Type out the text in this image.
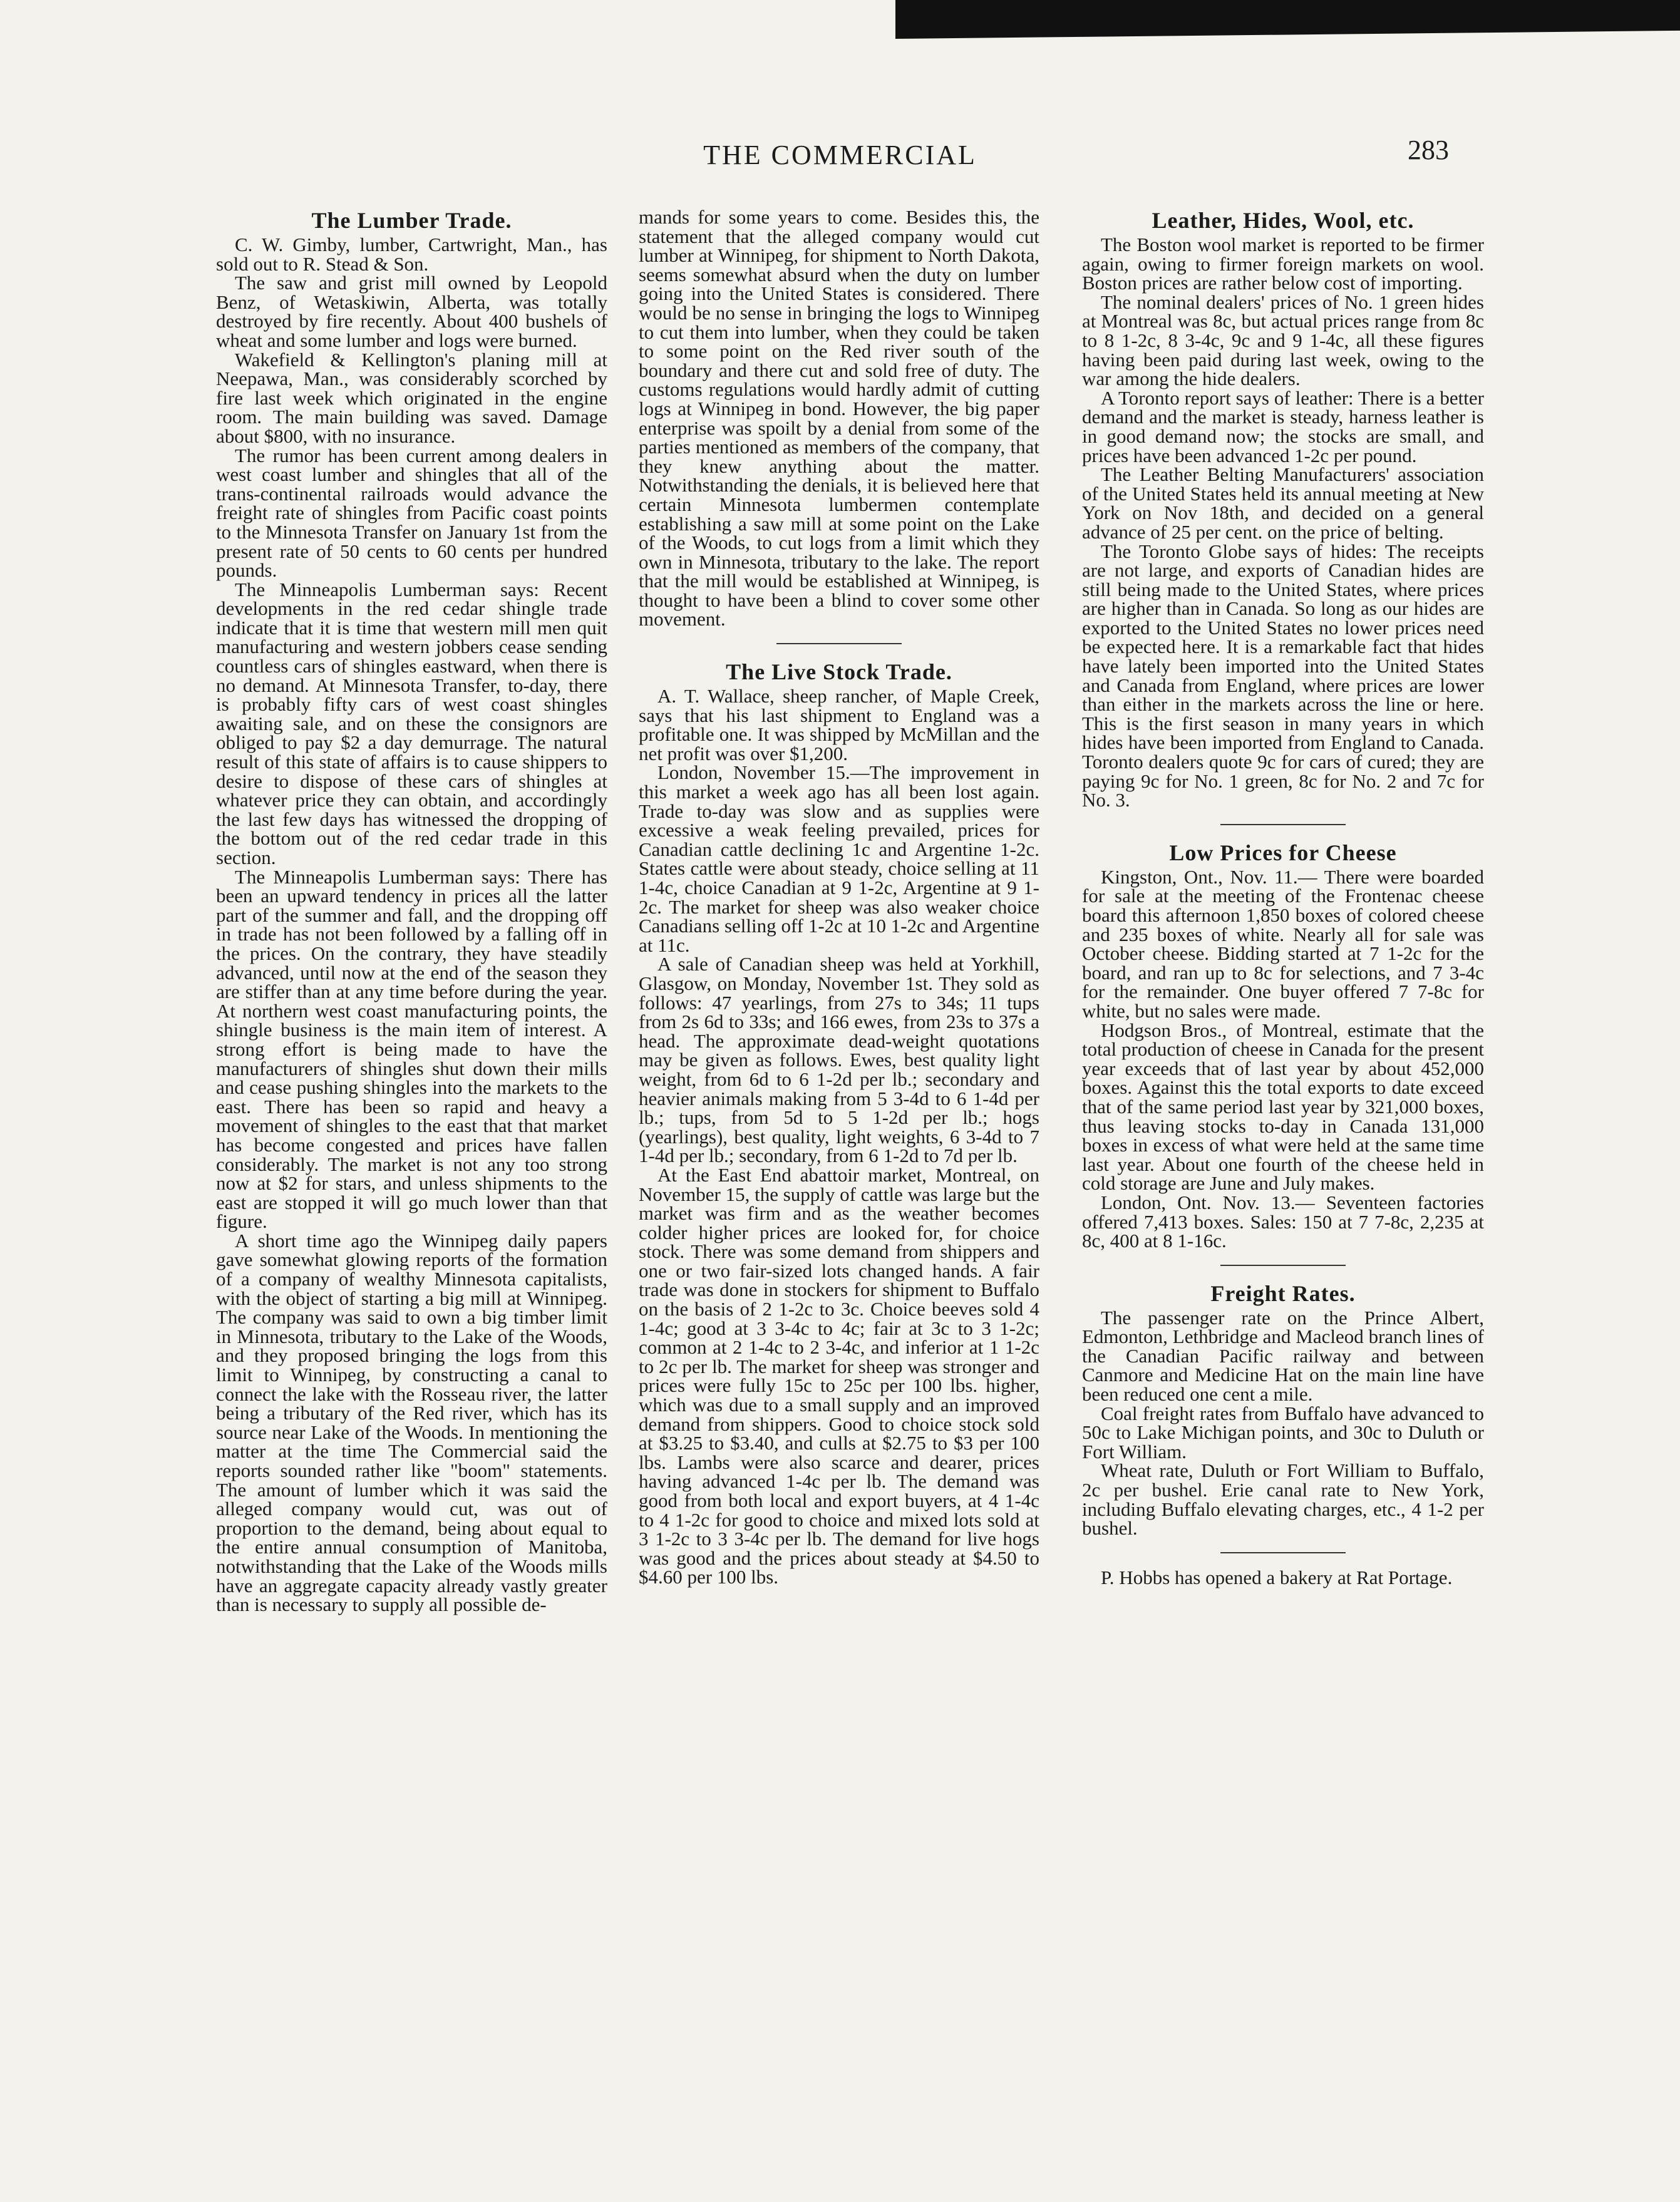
THE COMMERCIAL	283
The Lumber Trade.

C. W. Gimby, lumber, Cartwright, Man., has sold out to R. Stead & Son.

The saw and grist mill owned by Leopold Benz, of Wetaskiwin, Alberta, was totally destroyed by fire recently. About 400 bushels of wheat and some lumber and logs were burned.

Wakefield & Kellington's planing mill at Neepawa, Man., was considerably scorched by fire last week which originated in the engine room. The main building was saved. Damage about $800, with no insurance.

The rumor has been current among dealers in west coast lumber and shingles that all of the trans-continental railroads would advance the freight rate of shingles from Pacific coast points to the Minnesota Transfer on January 1st from the present rate of 50 cents to 60 cents per hundred pounds.

The Minneapolis Lumberman says: Recent developments in the red cedar shingle trade indicate that it is time that western mill men quit manufacturing and western jobbers cease sending countless cars of shingles eastward, when there is no demand. At Minnesota Transfer, to-day, there is probably fifty cars of west coast shingles awaiting sale, and on these the consignors are obliged to pay $2 a day demurrage. The natural result of this state of affairs is to cause shippers to desire to dispose of these cars of shingles at whatever price they can obtain, and accordingly the last few days has witnessed the dropping of the bottom out of the red cedar trade in this section.

The Minneapolis Lumberman says: There has been an upward tendency in prices all the latter part of the summer and fall, and the dropping off in trade has not been followed by a falling off in the prices. On the contrary, they have steadily advanced, until now at the end of the season they are stiffer than at any time before during the year. At northern west coast manufacturing points, the shingle business is the main item of interest. A strong effort is being made to have the manufacturers of shingles shut down their mills and cease pushing shingles into the markets to the east. There has been so rapid and heavy a movement of shingles to the east that that market has become congested and prices have fallen considerably. The market is not any too strong now at $2 for stars, and unless shipments to the east are stopped it will go much lower than that figure.

A short time ago the Winnipeg daily papers gave somewhat glowing reports of the formation of a company of wealthy Minnesota capitalists, with the object of starting a big mill at Winnipeg. The company was said to own a big timber limit in Minnesota, tributary to the Lake of the Woods, and they proposed bringing the logs from this limit to Winnipeg, by constructing a canal to connect the lake with the Rosseau river, the latter being a tributary of the Red river, which has its source near Lake of the Woods. In mentioning the matter at the time The Commercial said the reports sounded rather like "boom" statements. The amount of lumber which it was said the alleged company would cut, was out of proportion to the demand, being about equal to the entire annual consumption of Manitoba, notwithstanding that the Lake of the Woods mills have an aggregate capacity already vastly greater than is necessary to supply all possible de-

mands for some years to come. Besides this, the statement that the alleged company would cut lumber at Winnipeg, for shipment to North Dakota, seems somewhat absurd when the duty on lumber going into the United States is considered. There would be no sense in bringing the logs to Winnipeg to cut them into lumber, when they could be taken to some point on the Red river south of the boundary and there cut and sold free of duty. The customs regulations would hardly admit of cutting logs at Winnipeg in bond. However, the big paper enterprise was spoilt by a denial from some of the parties mentioned as members of the company, that they knew anything about the matter. Notwithstanding the denials, it is believed here that certain Minnesota lumbermen contemplate establishing a saw mill at some point on the Lake of the Woods, to cut logs from a limit which they own in Minnesota, tributary to the lake. The report that the mill would be established at Winnipeg, is thought to have been a blind to cover some other movement.

The Live Stock Trade.

A. T. Wallace, sheep rancher, of Maple Creek, says that his last shipment to England was a profitable one. It was shipped by McMillan and the net profit was over $1,200.

London, November 15.—The improvement in this market a week ago has all been lost again. Trade to-day was slow and as supplies were excessive a weak feeling prevailed, prices for Canadian cattle declining 1c and Argentine 1-2c. States cattle were about steady, choice selling at 11 1-4c, choice Canadian at 9 1-2c, Argentine at 9 1-2c. The market for sheep was also weaker choice Canadians selling off 1-2c at 10 1-2c and Argentine at 11c.

A sale of Canadian sheep was held at Yorkhill, Glasgow, on Monday, November 1st. They sold as follows: 47 yearlings, from 27s to 34s; 11 tups from 2s 6d to 33s; and 166 ewes, from 23s to 37s a head. The approximate dead-weight quotations may be given as follows. Ewes, best quality light weight, from 6d to 6 1-2d per lb.; secondary and heavier animals making from 5 3-4d to 6 1-4d per lb.; tups, from 5d to 5 1-2d per lb.; hogs (yearlings), best quality, light weights, 6 3-4d to 7 1-4d per lb.; secondary, from 6 1-2d to 7d per lb.

At the East End abattoir market, Montreal, on November 15, the supply of cattle was large but the market was firm and as the weather becomes colder higher prices are looked for, for choice stock. There was some demand from shippers and one or two fair-sized lots changed hands. A fair trade was done in stockers for shipment to Buffalo on the basis of 2 1-2c to 3c. Choice beeves sold 4 1-4c; good at 3 3-4c to 4c; fair at 3c to 3 1-2c; common at 2 1-4c to 2 3-4c, and inferior at 1 1-2c to 2c per lb. The market for sheep was stronger and prices were fully 15c to 25c per 100 lbs. higher, which was due to a small supply and an improved demand from shippers. Good to choice stock sold at $3.25 to $3.40, and culls at $2.75 to $3 per 100 lbs. Lambs were also scarce and dearer, prices having advanced 1-4c per lb. The demand was good from both local and export buyers, at 4 1-4c to 4 1-2c for good to choice and mixed lots sold at 3 1-2c to 3 3-4c per lb. The demand for live hogs was good and the prices about steady at $4.50 to $4.60 per 100 lbs.

Leather, Hides, Wool, etc.

The Boston wool market is reported to be firmer again, owing to firmer foreign markets on wool. Boston prices are rather below cost of importing.

The nominal dealers' prices of No. 1 green hides at Montreal was 8c, but actual prices range from 8c to 8 1-2c, 8 3-4c, 9c and 9 1-4c, all these figures having been paid during last week, owing to the war among the hide dealers.

A Toronto report says of leather: There is a better demand and the market is steady, harness leather is in good demand now; the stocks are small, and prices have been advanced 1-2c per pound.

The Leather Belting Manufacturers' association of the United States held its annual meeting at New York on Nov 18th, and decided on a general advance of 25 per cent. on the price of belting.

The Toronto Globe says of hides: The receipts are not large, and exports of Canadian hides are still being made to the United States, where prices are higher than in Canada. So long as our hides are exported to the United States no lower prices need be expected here. It is a remarkable fact that hides have lately been imported into the United States and Canada from England, where prices are lower than either in the markets across the line or here. This is the first season in many years in which hides have been imported from England to Canada. Toronto dealers quote 9c for cars of cured; they are paying 9c for No. 1 green, 8c for No. 2 and 7c for No. 3.

Low Prices for Cheese

Kingston, Ont., Nov. 11.— There were boarded for sale at the meeting of the Frontenac cheese board this afternoon 1,850 boxes of colored cheese and 235 boxes of white. Nearly all for sale was October cheese. Bidding started at 7 1-2c for the board, and ran up to 8c for selections, and 7 3-4c for the remainder. One buyer offered 7 7-8c for white, but no sales were made.

Hodgson Bros., of Montreal, estimate that the total production of cheese in Canada for the present year exceeds that of last year by about 452,000 boxes. Against this the total exports to date exceed that of the same period last year by 321,000 boxes, thus leaving stocks to-day in Canada 131,000 boxes in excess of what were held at the same time last year. About one fourth of the cheese held in cold storage are June and July makes.

London, Ont. Nov. 13.— Seventeen factories offered 7,413 boxes. Sales: 150 at 7 7-8c, 2,235 at 8c, 400 at 8 1-16c.

Freight Rates.

The passenger rate on the Prince Albert, Edmonton, Lethbridge and Macleod branch lines of the Canadian Pacific railway and between Canmore and Medicine Hat on the main line have been reduced one cent a mile.

Coal freight rates from Buffalo have advanced to 50c to Lake Michigan points, and 30c to Duluth or Fort William.

Wheat rate, Duluth or Fort William to Buffalo, 2c per bushel. Erie canal rate to New York, including Buffalo elevating charges, etc., 4 1-2 per bushel.

P. Hobbs has opened a bakery at Rat Portage.
